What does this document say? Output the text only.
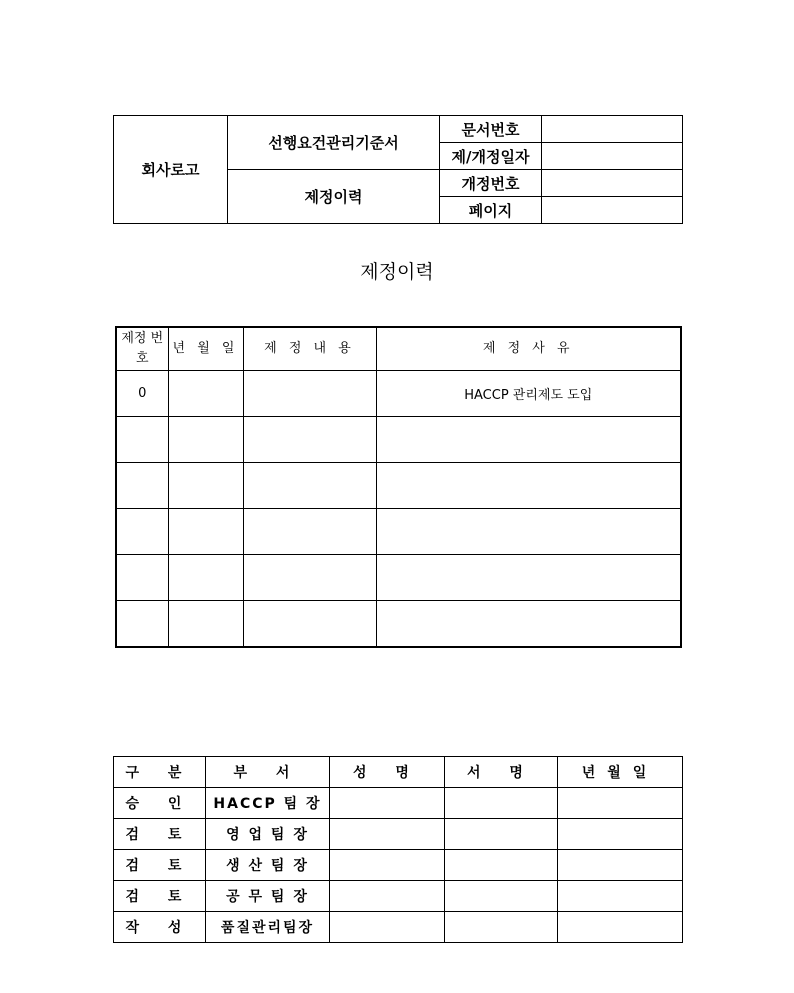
회사로고	선행요건관리기준서	문서번호	
		제/개정일자	
	제정이력	개정번호	
		페이지	
제정이력
제정 번호	년 월 일	제 정 내 용	제 정 사 유
0			HACCP 관리제도 도입

구 분	부 서	성 명	서 명	년월일
승 인	HACCP 팀 장			
검 토	영 업 팀 장			
검 토	생 산 팀 장			
검 토	공 무 팀 장			
작 성	품질관리팀장			
